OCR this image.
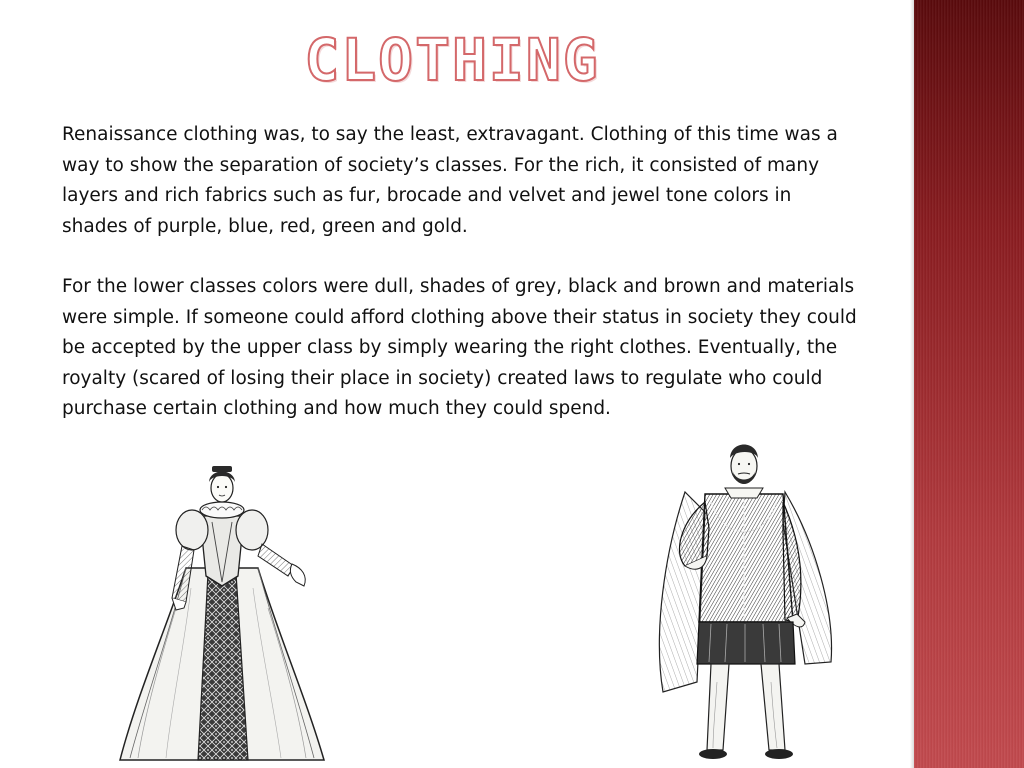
CLOTHING

Renaissance clothing was, to say the least, extravagant. Clothing of this time was a way to show the separation of society’s classes. For the rich, it consisted of many layers and rich fabrics such as fur, brocade and velvet and jewel tone colors in shades of purple, blue, red, green and gold.

For the lower classes colors were dull, shades of grey, black and brown and materials were simple. If someone could afford clothing above their status in society they could be accepted by the upper class by simply wearing the right clothes. Eventually, the royalty (scared of losing their place in society) created laws to regulate who could purchase certain clothing and how much they could spend.
